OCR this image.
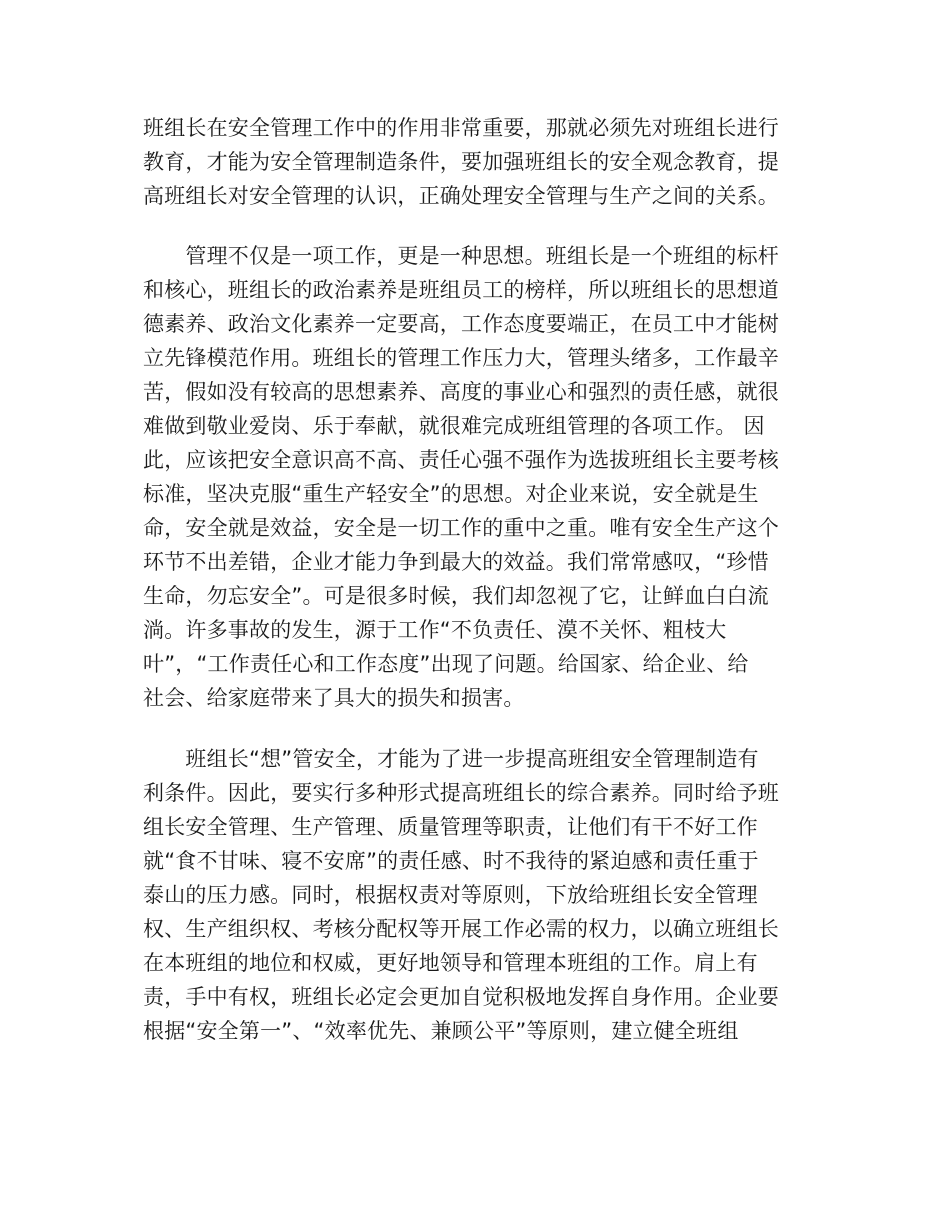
班组长在安全管理工作中的作用非常重要，那就必须先对班组长进行
教育，才能为安全管理制造条件，要加强班组长的安全观念教育，提
高班组长对安全管理的认识，正确处理安全管理与生产之间的关系。
　　管理不仅是一项工作，更是一种思想。班组长是一个班组的标杆
和核心，班组长的政治素养是班组员工的榜样，所以班组长的思想道
德素养、政治文化素养一定要高，工作态度要端正，在员工中才能树
立先锋模范作用。班组长的管理工作压力大，管理头绪多，工作最辛
苦，假如没有较高的思想素养、高度的事业心和强烈的责任感，就很
难做到敬业爱岗、乐于奉献，就很难完成班组管理的各项工作。 因
此，应该把安全意识高不高、责任心强不强作为选拔班组长主要考核
标准，坚决克服“重生产轻安全”的思想。对企业来说，安全就是生
命，安全就是效益，安全是一切工作的重中之重。唯有安全生产这个
环节不出差错，企业才能力争到最大的效益。我们常常感叹，“珍惜
生命，勿忘安全”。可是很多时候，我们却忽视了它，让鲜血白白流
淌。许多事故的发生，源于工作“不负责任、漠不关怀、粗枝大
叶”，“工作责任心和工作态度”出现了问题。给国家、给企业、给
社会、给家庭带来了具大的损失和损害。
　　班组长“想”管安全，才能为了进一步提高班组安全管理制造有
利条件。因此，要实行多种形式提高班组长的综合素养。同时给予班
组长安全管理、生产管理、质量管理等职责，让他们有干不好工作
就“食不甘味、寝不安席”的责任感、时不我待的紧迫感和责任重于
泰山的压力感。同时，根据权责对等原则，下放给班组长安全管理
权、生产组织权、考核分配权等开展工作必需的权力，以确立班组长
在本班组的地位和权威，更好地领导和管理本班组的工作。肩上有
责，手中有权，班组长必定会更加自觉积极地发挥自身作用。企业要
根据“安全第一”、“效率优先、兼顾公平”等原则，建立健全班组
